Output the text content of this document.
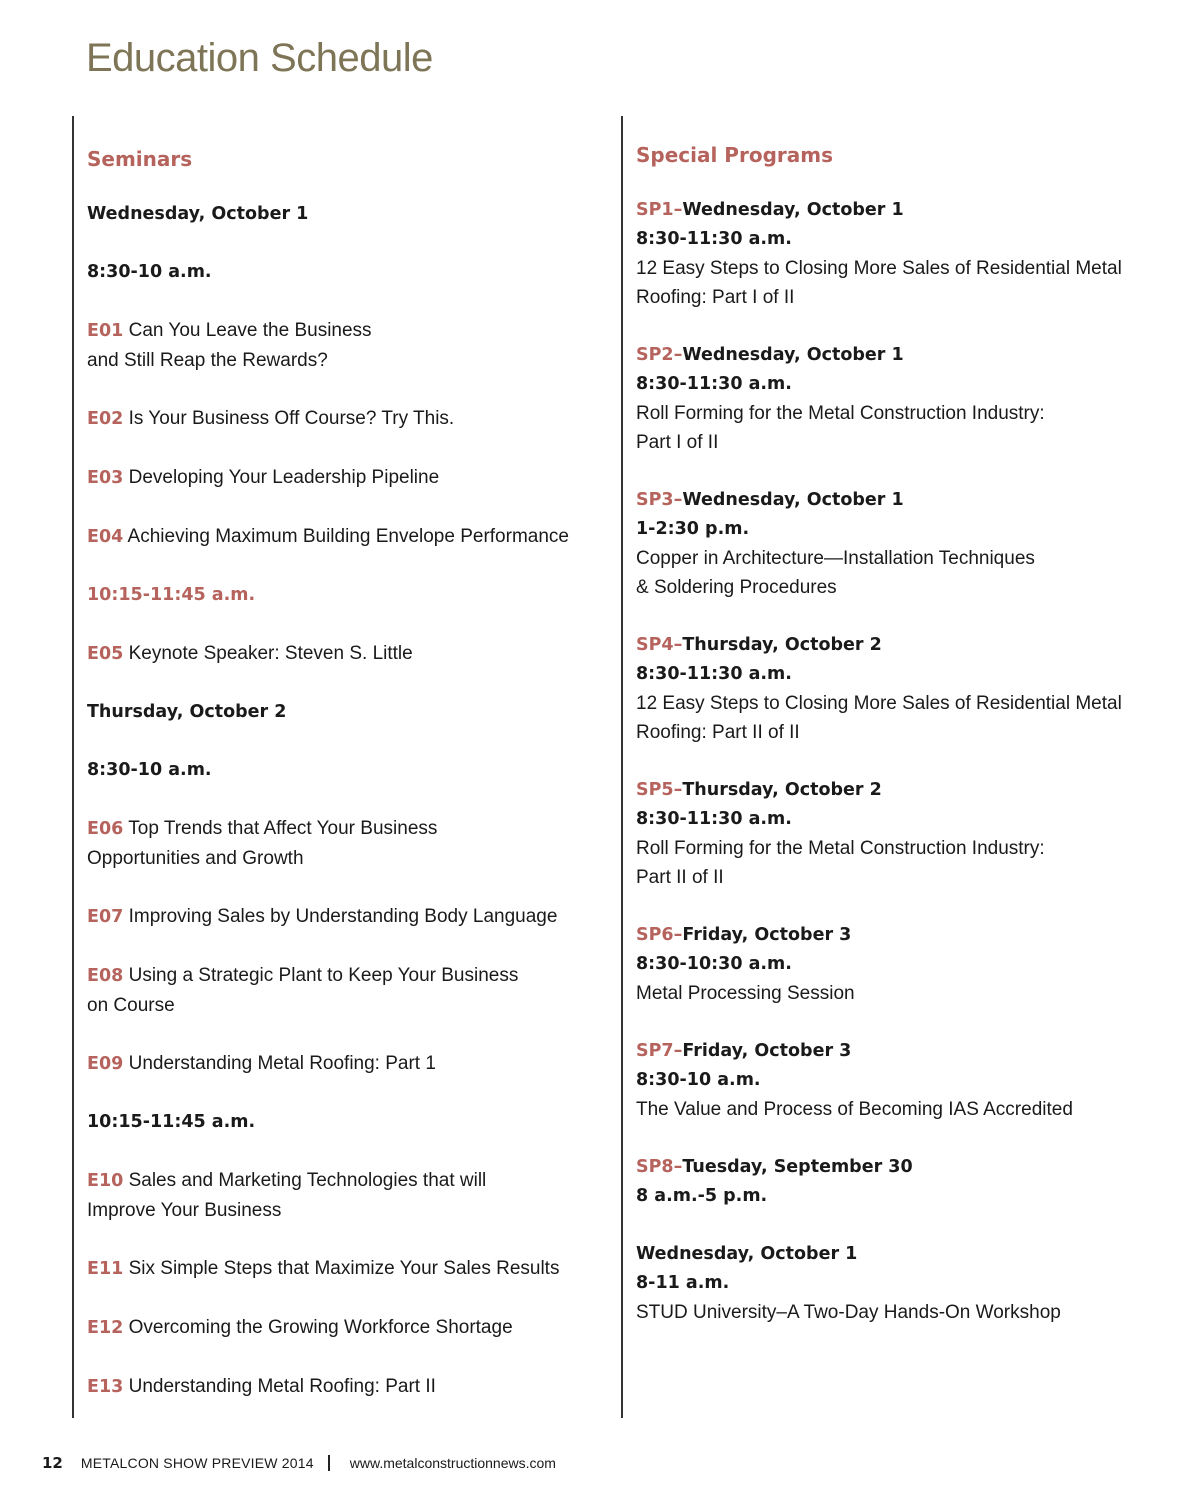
Education Schedule
Seminars
Wednesday, October 1
8:30-10 a.m.
E01 Can You Leave the Business
and Still Reap the Rewards?
E02 Is Your Business Off Course? Try This.
E03 Developing Your Leadership Pipeline
E04 Achieving Maximum Building Envelope Performance
10:15-11:45 a.m.
E05 Keynote Speaker: Steven S. Little
Thursday, October 2
8:30-10 a.m.
E06 Top Trends that Affect Your Business
Opportunities and Growth
E07 Improving Sales by Understanding Body Language
E08 Using a Strategic Plant to Keep Your Business
on Course
E09 Understanding Metal Roofing: Part 1
10:15-11:45 a.m.
E10 Sales and Marketing Technologies that will
Improve Your Business
E11 Six Simple Steps that Maximize Your Sales Results
E12 Overcoming the Growing Workforce Shortage
E13 Understanding Metal Roofing: Part II
Special Programs
SP1–Wednesday, October 1
8:30-11:30 a.m.
12 Easy Steps to Closing More Sales of Residential Metal
Roofing: Part I of II
SP2–Wednesday, October 1
8:30-11:30 a.m.
Roll Forming for the Metal Construction Industry:
Part I of II
SP3–Wednesday, October 1
1-2:30 p.m.
Copper in Architecture—Installation Techniques
& Soldering Procedures
SP4–Thursday, October 2
8:30-11:30 a.m.
12 Easy Steps to Closing More Sales of Residential Metal
Roofing: Part II of II
SP5–Thursday, October 2
8:30-11:30 a.m.
Roll Forming for the Metal Construction Industry:
Part II of II
SP6–Friday, October 3
8:30-10:30 a.m.
Metal Processing Session
SP7–Friday, October 3
8:30-10 a.m.
The Value and Process of Becoming IAS Accredited
SP8–Tuesday, September 30
8 a.m.-5 p.m.
Wednesday, October 1
8-11 a.m.
STUD University–A Two-Day Hands-On Workshop
12 METALCON SHOW PREVIEW 2014	www.metalconstructionnews.com
